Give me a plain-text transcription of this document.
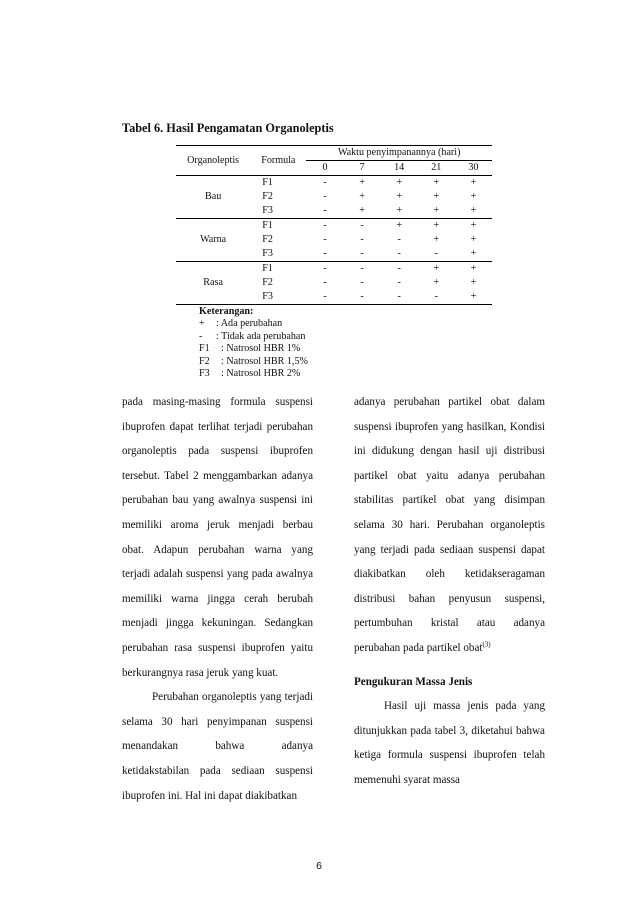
Tabel 6. Hasil Pengamatan Organoleptis
Organoleptis	Formula	Waktu penyimpanannya (hari)				
		0	7	14	21	30
Bau	F1	-	+	+	+	+
	F2	-	+	+	+	+
	F3	-	+	+	+	+
Warna	F1	-	-	+	+	+
	F2	-	-	-	+	+
	F3	-	-	-	-	+
Rasa	F1	-	-	-	+	+
	F2	-	-	-	+	+
	F3	-	-	-	-	+
Keterangan:
+	: Ada perubahan
-	: Tidak ada perubahan
F1	: Natrosol HBR 1%
F2	: Natrosol HBR 1,5%
F3	: Natrosol HBR 2%

pada masing-masing formula suspensi ibuprofen dapat terlihat terjadi perubahan organoleptis pada suspensi ibuprofen tersebut. Tabel 2 menggambarkan adanya perubahan bau yang awalnya suspensi ini memiliki aroma jeruk menjadi berbau obat. Adapun perubahan warna yang terjadi adalah suspensi yang pada awalnya memiliki warna jingga cerah berubah menjadi jingga kekuningan. Sedangkan perubahan rasa suspensi ibuprofen yaitu berkurangnya rasa jeruk yang kuat.

Perubahan organoleptis yang terjadi selama 30 hari penyimpanan suspensi menandakan bahwa adanya ketidakstabilan pada sediaan suspensi ibuprofen ini. Hal ini dapat diakibatkan

adanya perubahan partikel obat dalam suspensi ibuprofen yang hasilkan, Kondisi ini didukung dengan hasil uji distribusi partikel obat yaitu adanya perubahan stabilitas partikel obat yang disimpan selama 30 hari. Perubahan organoleptis yang terjadi pada sediaan suspensi dapat diakibatkan oleh ketidakseragaman distribusi bahan penyusun suspensi, pertumbuhan kristal atau adanya perubahan pada partikel obat$^{(3)}$

Pengukuran Massa Jenis

Hasil uji massa jenis pada yang ditunjukkan pada tabel 3, diketahui bahwa ketiga formula suspensi ibuprofen telah memenuhi syarat massa

6
